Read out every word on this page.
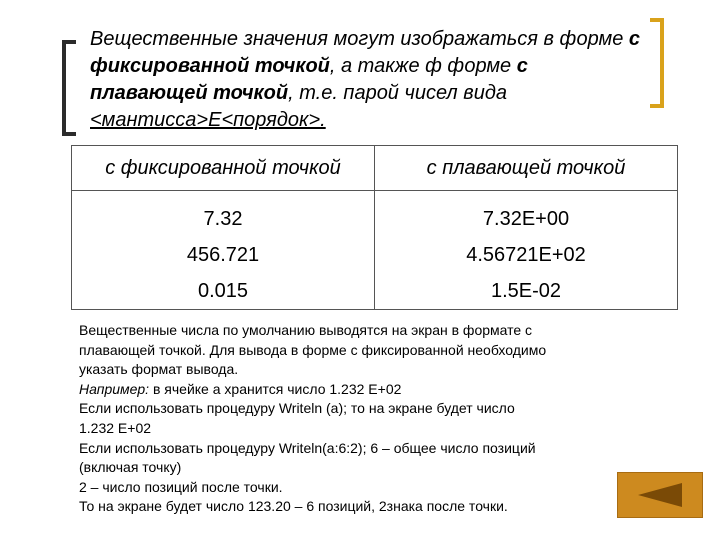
Вещественные значения могут изображаться в форме с фиксированной точкой, а также ф форме с плавающей точкой, т.е. парой чисел вида <мантисса>E<порядок>.
с фиксированной точкой	с плавающей точкой
7.32	7.32E+00
456.721	4.56721E+02
0.015	1.5E-02
Вещественные числа по умолчанию выводятся на экран в формате с
плавающей точкой. Для вывода в форме с фиксированной необходимо
указать формат вывода.
Например: в ячейке а хранится число 1.232 E+02
Если использовать процедуру Writeln (a); то на экране будет число
1.232 E+02
Если использовать процедуру Writeln(a:6:2); 6 – общее число позиций
(включая точку)
2 – число позиций после точки.
То на экране будет число 123.20 – 6 позиций, 2знака после точки.
